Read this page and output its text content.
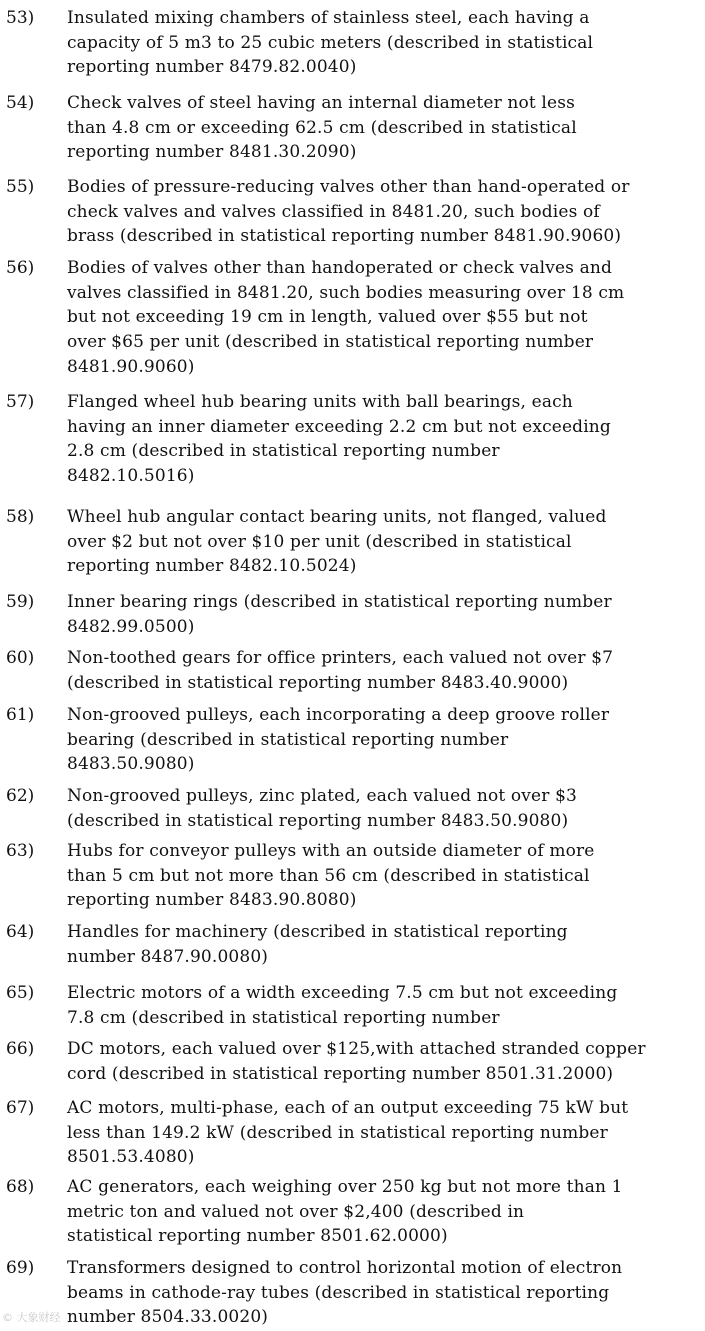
53) Insulated mixing chambers of stainless steel, each having a
capacity of 5 m3 to 25 cubic meters (described in statistical
reporting number 8479.82.0040)
54) Check valves of steel having an internal diameter not less
than 4.8 cm or exceeding 62.5 cm (described in statistical
reporting number 8481.30.2090)
55) Bodies of pressure-reducing valves other than hand-operated or
check valves and valves classified in 8481.20, such bodies of
brass (described in statistical reporting number 8481.90.9060)
56) Bodies of valves other than handoperated or check valves and
valves classified in 8481.20, such bodies measuring over 18 cm
but not exceeding 19 cm in length, valued over $55 but not
over $65 per unit (described in statistical reporting number
8481.90.9060)
57) Flanged wheel hub bearing units with ball bearings, each
having an inner diameter exceeding 2.2 cm but not exceeding
2.8 cm (described in statistical reporting number
8482.10.5016)
58) Wheel hub angular contact bearing units, not flanged, valued
over $2 but not over $10 per unit (described in statistical
reporting number 8482.10.5024)
59) Inner bearing rings (described in statistical reporting number
8482.99.0500)
60) Non-toothed gears for office printers, each valued not over $7
(described in statistical reporting number 8483.40.9000)
61) Non-grooved pulleys, each incorporating a deep groove roller
bearing (described in statistical reporting number
8483.50.9080)
62) Non-grooved pulleys, zinc plated, each valued not over $3
(described in statistical reporting number 8483.50.9080)
63) Hubs for conveyor pulleys with an outside diameter of more
than 5 cm but not more than 56 cm (described in statistical
reporting number 8483.90.8080)
64) Handles for machinery (described in statistical reporting
number 8487.90.0080)
65) Electric motors of a width exceeding 7.5 cm but not exceeding
7.8 cm (described in statistical reporting number
66) DC motors, each valued over $125,with attached stranded copper
cord (described in statistical reporting number 8501.31.2000)
67) AC motors, multi-phase, each of an output exceeding 75 kW but
less than 149.2 kW (described in statistical reporting number
8501.53.4080)
68) AC generators, each weighing over 250 kg but not more than 1
metric ton and valued not over $2,400 (described in
statistical reporting number 8501.62.0000)
69) Transformers designed to control horizontal motion of electron
beams in cathode-ray tubes (described in statistical reporting
number 8504.33.0020)
© 大象财经
